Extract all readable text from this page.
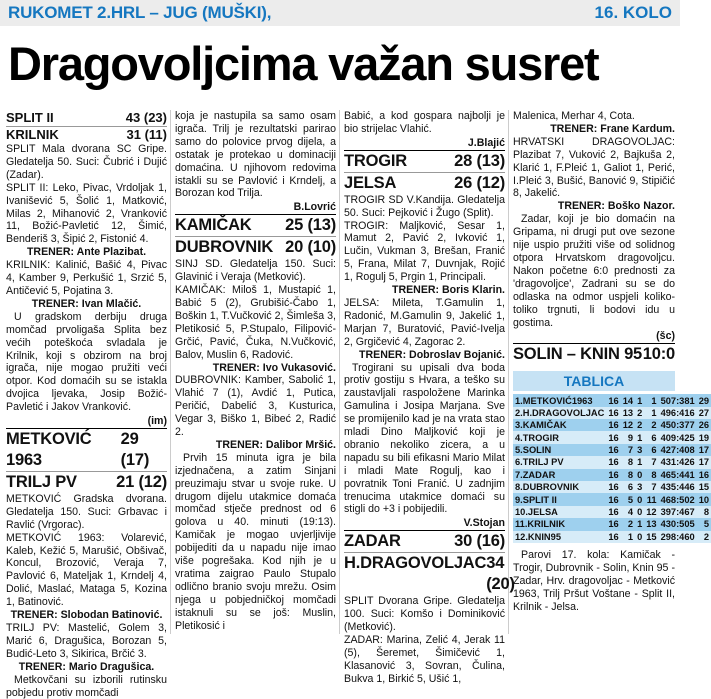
RUKOMET 2.HRL – JUG (MUŠKI),	16. KOLO
Dragovoljcima važan susret
SPLIT II	43 (23)
KRILNIK	31 (11)

SPLIT Mala dvorana SC Gripe. Gledatelja 50. Suci: Čubrić i Dujić (Zadar).

SPLIT II: Leko, Pivac, Vrdoljak 1, Ivanišević 5, Šolić 1, Matković, Milas 2, Mihanović 2, Vranković 11, Božić-Pavletić 12, Šimić, Benderiš 3, Šipić 2, Fistonić 4.

TRENER: Ante Plazibat.

KRILNIK: Kalinić, Bašić 4, Pivac 4, Kamber 9, Perkušić 1, Srzić 5, Antičević 5, Pojatina 3.

TRENER: Ivan Mlačić.

U gradskom derbiju druga momčad prvoligaša Splita bez većih poteškoća svladala je Krilnik, koji s obzirom na broj igrača, nije mogao pružiti veći otpor. Kod domaćih su se istakla dvojica ljevaka, Josip Božić-Pavletić i Jakov Vranković.

(im)

METKOVIĆ 1963
29 (17)
TRILJ PV 21 (12)

METKOVIĆ Gradska dvorana. Gledatelja 150. Suci: Grbavac i Ravlić (Vrgorac).

METKOVIĆ 1963: Volarević, Kaleb, Kežić 5, Marušić, Obšivač, Koncul, Brozović, Veraja 7, Pavlović 6, Mateljak 1, Krndelj 4, Dolić, Maslać, Mataga 5, Kozina 1, Batinović.

TRENER: Slobodan Batinović.

TRILJ PV: Mastelić, Golem 3, Marić 6, Dragušica, Borozan 5, Budić-Leto 3, Sikirica, Brčić 3.

TRENER: Mario Dragušica.

Metkovčani su izborili rutinsku pobjedu protiv momčadi

koja je nastupila sa samo osam igrača. Trilj je rezultatski parirao samo do polovice prvog dijela, a ostatak je protekao u dominaciji domaćina. U njihovom redovima istakli su se Pavlović i Krndelj, a Borozan kod Trilja.

B.Lovrić

KAMIČAK 25 (13)
DUBROVNIK 20 (10)

SINJ SD. Gledatelja 150. Suci: Glavinić i Veraja (Metković).

KAMIČAK: Miloš 1, Mustapić 1, Babić 5 (2), Grubišić-Čabo 1, Boškin 1, T.Vučković 2, Šimleša 3, Pletikosić 5, P.Stupalo, Filipović-Grčić, Pavić, Čuka, N.Vučković, Balov, Muslin 6, Radović.

TRENER: Ivo Vukasović.

DUBROVNIK: Kamber, Sabolić 1, Vlahić 7 (1), Avdić 1, Putica, Peričić, Dabelić 3, Kusturica, Vegar 3, Biško 1, Bibeć 2, Radić 2.

TRENER: Dalibor Mršić.

Prvih 15 minuta igra je bila izjednačena, a zatim Sinjani preuzimaju stvar u svoje ruke. U drugom dijelu utakmice domaća momčad stječe prednost od 6 golova u 40. minuti (19:13). Kamičak je mogao uvjerljivije pobijediti da u napadu nije imao više pogrešaka. Kod njih je u vratima zaigrao Paulo Stupalo odlično branio svoju mrežu. Osim njega u pobjedničkoj momčadi istaknuli su se još: Muslin, Pletikosić i

Babić, a kod gospara najbolji je bio strijelac Vlahić.

J.Blajić

TROGIR	28 (13)
JELSA	26 (12)

TROGIR SD V.Kandija. Gledatelja 50. Suci: Pejković i Žugo (Split).

TROGIR: Maljković, Sesar 1, Mamut 2, Pavić 2, Ivković 1, Lučin, Vukman 3, Brešan, Franić 5, Frana, Milat 7, Duvnjak, Rojić 1, Rogulj 5, Prgin 1, Principali.

TRENER: Boris Klarin.

JELSA: Mileta, T.Gamulin 1, Radonić, M.Gamulin 9, Jakelić 1, Marjan 7, Buratović, Pavić-Ivelja 2, Grgičević 4, Zagorac 2.

TRENER: Dobroslav Bojanić.

Trogirani su upisali dva boda protiv gostiju s Hvara, a teško su zaustavljali raspoložene Marinka Gamulina i Josipa Marjana. Sve se promijenilo kad je na vrata stao mladi Dino Maljković koji je obranio nekoliko zicera, a u napadu su bili efikasni Mario Milat i mladi Mate Rogulj, kao i povratnik Toni Franić. U zadnjim trenucima utakmice domaći su stigli do +3 i pobijedili.

V.Stojan

ZADAR	30 (16)
H.DRAGOVOLJAC 34 (20)

SPLIT Dvorana Gripe. Gledatelja 100. Suci: Komšo i Dominiković (Metković).

ZADAR: Marina, Zelić 4, Jerak 11 (5), Šeremet, Šimičević 1, Klasanović 3, Sovran, Čulina, Bukva 1, Birkić 5, Ušić 1,

Malenica, Merhar 4, Cota.

TRENER: Frane Kardum.

HRVATSKI DRAGOVOLJAC: Plazibat 7, Vuković 2, Bajkuša 2, Klarić 1, F.Pleić 1, Galiot 1, Perić, I.Pleić 3, Bušić, Banović 9, Stipičić 8, Jakelić.

TRENER: Boško Nazor.

Zadar, koji je bio domaćin na Gripama, ni drugi put ove sezone nije uspio pružiti više od solidnog otpora Hrvatskom dragovoljcu. Nakon početne 6:0 prednosti za 'dragovoljce', Zadrani su se do odlaska na odmor uspjeli koliko-toliko trgnuti, li bodovi idu u gostima.

(šc)

SOLIN – KNIN 95 10:0
TABLICA
1.METKOVIĆ1963	16	14	1	1	507:381	29
2.H.DRAGOVOLJAC	16	13	2	1	496:416	27
3.KAMIČAK	16	12	2	2	450:377	26
4.TROGIR	16	9	1	6	409:425	19
5.SOLIN	16	7	3	6	427:408	17
6.TRILJ PV	16	8	1	7	431:426	17
7.ZADAR	16	8	0	8	465:441	16
8.DUBROVNIK	16	6	3	7	435:446	15
9.SPLIT II	16	5	0	11	468:502	10
10.JELSA	16	4	0	12	397:467	8
11.KRILNIK	16	2	1	13	430:505	5
12.KNIN95	16	1	0	15	298:460	2

Parovi 17. kola: Kamičak - Trogir, Dubrovnik - Solin, Knin 95 - Zadar, Hrv. dragovoljac - Metković 1963, Trilj Pršut Voštane - Split II, Krilnik - Jelsa.
